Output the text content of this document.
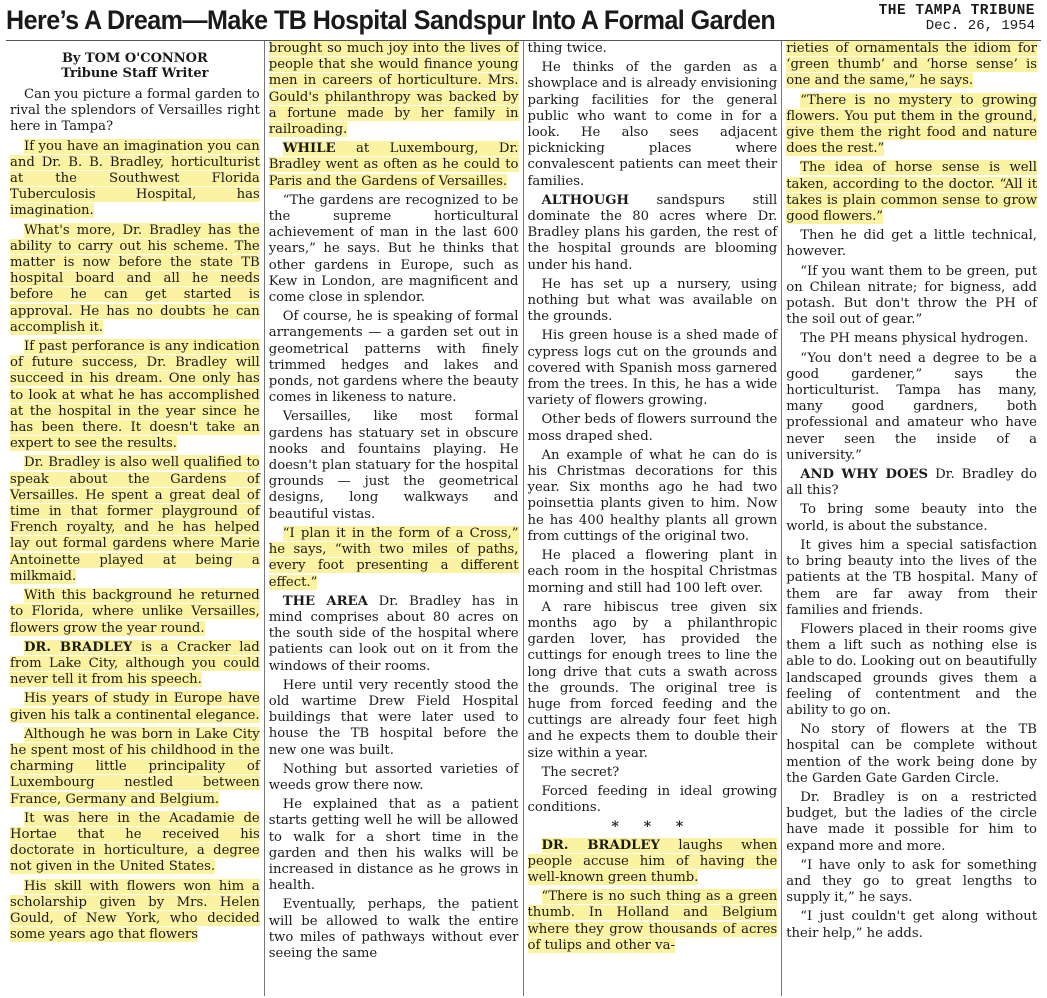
Here’s A Dream—Make TB Hospital Sandspur Into A Formal Garden	THE TAMPA TRIBUNE
Dec. 26, 1954
By TOM O'CONNOR
Tribune Staff Writer

Can you picture a formal garden to rival the splendors of Versailles right here in Tampa?

If you have an imagination you can and Dr. B. B. Bradley, horticulturist at the Southwest Florida Tuberculosis Hospital, has imagination.

What's more, Dr. Bradley has the ability to carry out his scheme. The matter is now before the state TB hospital board and all he needs before he can get started is approval. He has no doubts he can accomplish it.

If past perforance is any indication of future success, Dr. Bradley will succeed in his dream. One only has to look at what he has accomplished at the hospital in the year since he has been there. It doesn't take an expert to see the results.

Dr. Bradley is also well qualified to speak about the Gardens of Versailles. He spent a great deal of time in that former playground of French royalty, and he has helped lay out formal gardens where Marie Antoinette played at being a milkmaid.

With this background he returned to Florida, where unlike Versailles, flowers grow the year round.

DR. BRADLEY is a Cracker lad from Lake City, although you could never tell it from his speech.

His years of study in Europe have given his talk a continental elegance.

Although he was born in Lake City he spent most of his childhood in the charming little principality of Luxembourg nestled between France, Germany and Belgium.

It was here in the Acadamie de Hortae that he received his doctorate in horticulture, a degree not given in the United States.

His skill with flowers won him a scholarship given by Mrs. Helen Gould, of New York, who decided some years ago that flowers

brought so much joy into the lives of people that she would finance young men in careers of horticulture. Mrs. Gould's philanthropy was backed by a fortune made by her family in railroading.

WHILE at Luxembourg, Dr. Bradley went as often as he could to Paris and the Gardens of Versailles.

“The gardens are recognized to be the supreme horticultural achievement of man in the last 600 years,” he says. But he thinks that other gardens in Europe, such as Kew in London, are magnificent and come close in splendor.

Of course, he is speaking of formal arrangements — a garden set out in geometrical patterns with finely trimmed hedges and lakes and ponds, not gardens where the beauty comes in likeness to nature.

Versailles, like most formal gardens has statuary set in obscure nooks and fountains playing. He doesn't plan statuary for the hospital grounds — just the geometrical designs, long walkways and beautiful vistas.

“I plan it in the form of a Cross,” he says, “with two miles of paths, every foot presenting a different effect.”

THE AREA Dr. Bradley has in mind comprises about 80 acres on the south side of the hospital where patients can look out on it from the windows of their rooms.

Here until very recently stood the old wartime Drew Field Hospital buildings that were later used to house the TB hospital before the new one was built.

Nothing but assorted varieties of weeds grow there now.

He explained that as a patient starts getting well he will be allowed to walk for a short time in the garden and then his walks will be increased in distance as he grows in health.

Eventually, perhaps, the patient will be allowed to walk the entire two miles of pathways without ever seeing the same

thing twice.

He thinks of the garden as a showplace and is already envisioning parking facilities for the general public who want to come in for a look. He also sees adjacent picknicking places where convalescent patients can meet their families.

ALTHOUGH sandspurs still dominate the 80 acres where Dr. Bradley plans his garden, the rest of the hospital grounds are blooming under his hand.

He has set up a nursery, using nothing but what was available on the grounds.

His green house is a shed made of cypress logs cut on the grounds and covered with Spanish moss garnered from the trees. In this, he has a wide variety of flowers growing.

Other beds of flowers surround the moss draped shed.

An example of what he can do is his Christmas decorations for this year. Six months ago he had two poinsettia plants given to him. Now he has 400 healthy plants all grown from cuttings of the original two.

He placed a flowering plant in each room in the hospital Christmas morning and still had 100 left over.

A rare hibiscus tree given six months ago by a philanthropic garden lover, has provided the cuttings for enough trees to line the long drive that cuts a swath across the grounds. The original tree is huge from forced feeding and the cuttings are already four feet high and he expects them to double their size within a year.

The secret?

Forced feeding in ideal growing conditions.

* * *

DR. BRADLEY laughs when people accuse him of having the well-known green thumb.

“There is no such thing as a green thumb. In Holland and Belgium where they grow thousands of acres of tulips and other va-

rieties of ornamentals the idiom for ‘green thumb’ and ‘horse sense’ is one and the same,” he says.

“There is no mystery to growing flowers. You put them in the ground, give them the right food and nature does the rest.”

The idea of horse sense is well taken, according to the doctor. “All it takes is plain common sense to grow good flowers.”

Then he did get a little technical, however.

“If you want them to be green, put on Chilean nitrate; for bigness, add potash. But don't throw the PH of the soil out of gear.”

The PH means physical hydrogen.

“You don't need a degree to be a good gardener,” says the horticulturist. Tampa has many, many good gardners, both professional and amateur who have never seen the inside of a university.”

AND WHY DOES Dr. Bradley do all this?

To bring some beauty into the world, is about the substance.

It gives him a special satisfaction to bring beauty into the lives of the patients at the TB hospital. Many of them are far away from their families and friends.

Flowers placed in their rooms give them a lift such as nothing else is able to do. Looking out on beautifully landscaped grounds gives them a feeling of contentment and the ability to go on.

No story of flowers at the TB hospital can be complete without mention of the work being done by the Garden Gate Garden Circle.

Dr. Bradley is on a restricted budget, but the ladies of the circle have made it possible for him to expand more and more.

“I have only to ask for something and they go to great lengths to supply it,” he says.

“I just couldn't get along without their help,” he adds.
